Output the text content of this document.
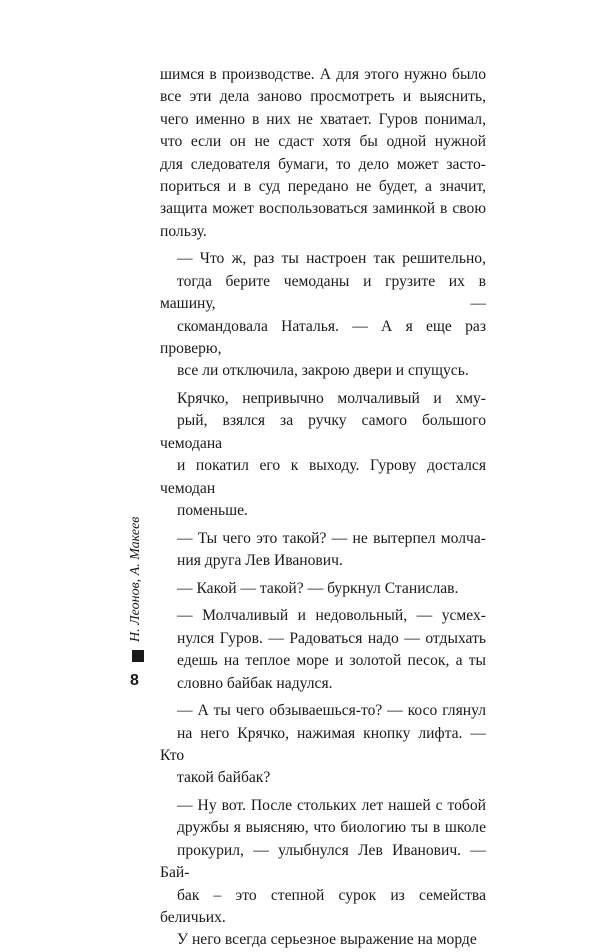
шимся в производстве. А для этого нужно было
все эти дела заново просмотреть и выяснить,
чего именно в них не хватает. Гуров понимал,
что если он не сдаст хотя бы одной нужной
для следователя бумаги, то дело может засто-
пориться и в суд передано не будет, а значит,
защита может воспользоваться заминкой в свою
пользу.

— Что ж, раз ты настроен так решительно,
тогда берите чемоданы и грузите их в машину, —
скомандовала Наталья. — А я еще раз проверю,
все ли отключила, закрою двери и спущусь.

Крячко, непривычно молчаливый и хму-
рый, взялся за ручку самого большого чемодана
и покатил его к выходу. Гурову достался чемодан
поменьше.

— Ты чего это такой? — не вытерпел молча-
ния друга Лев Иванович.

— Какой — такой? — буркнул Станислав.

— Молчаливый и недовольный, — усмех-
нулся Гуров. — Радоваться надо — отдыхать
едешь на теплое море и золотой песок, а ты
словно байбак надулся.

— А ты чего обзываешься-то? — косо глянул
на него Крячко, нажимая кнопку лифта. — Кто
такой байбак?

— Ну вот. После стольких лет нашей с тобой
дружбы я выясняю, что биологию ты в школе
прокурил, — улыбнулся Лев Иванович. — Бай-
бак – это степной сурок из семейства беличьих.
У него всегда серьезное выражение на морде

Н. Леонов, А. Макеев
8
